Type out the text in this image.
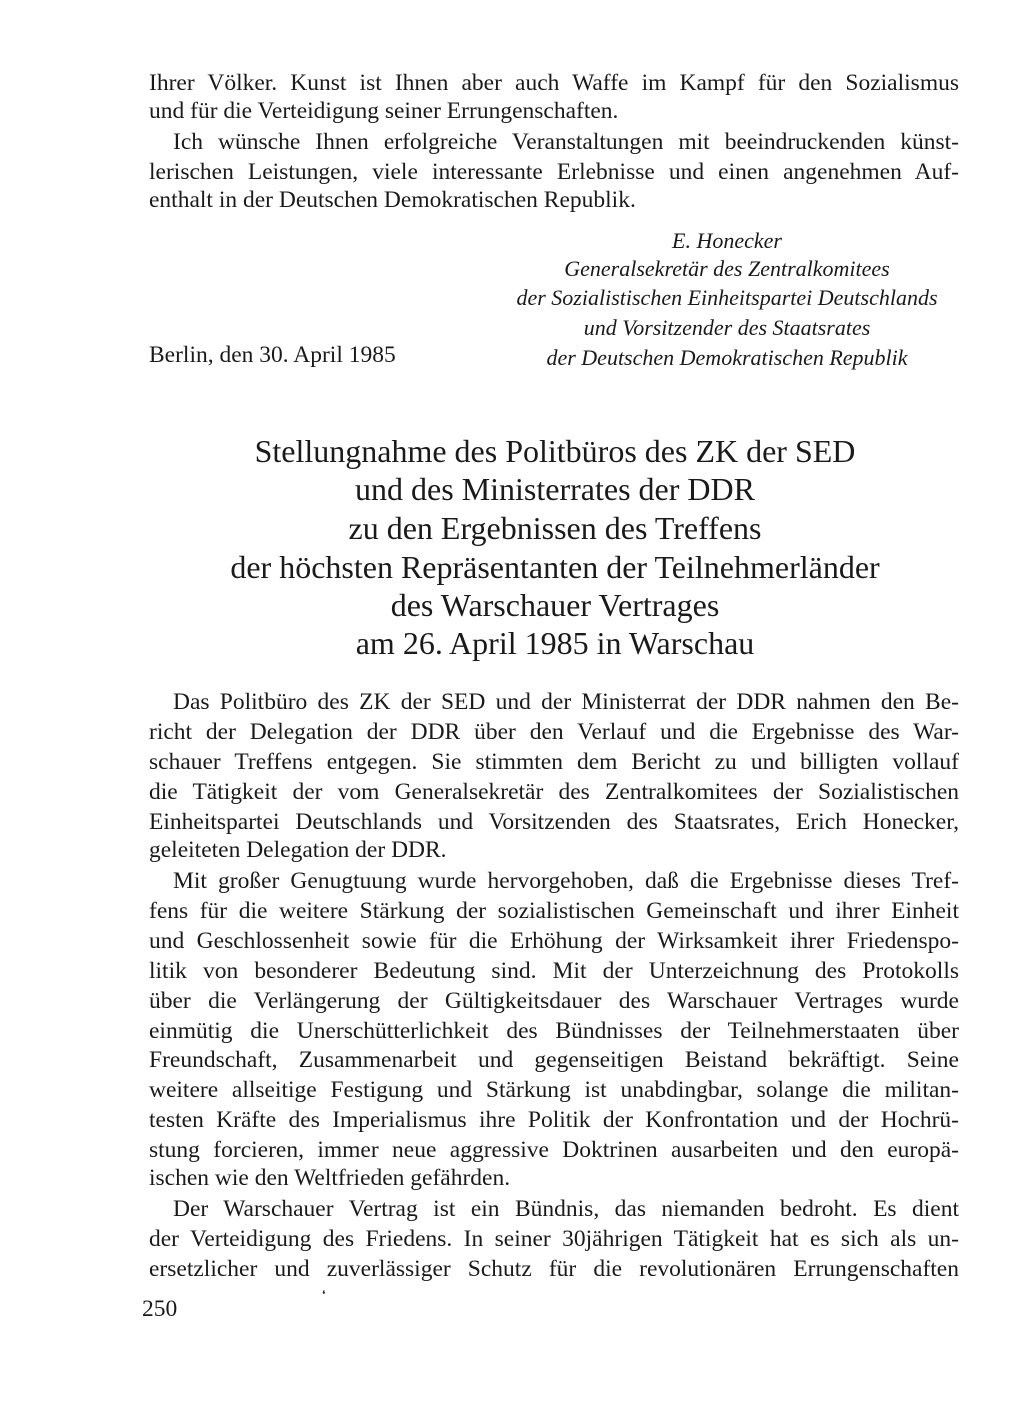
Ihrer Völker. Kunst ist Ihnen aber auch Waffe im Kampf für den Sozialismus
und für die Verteidigung seiner Errungenschaften.
Ich wünsche Ihnen erfolgreiche Veranstaltungen mit beeindruckenden künst-
lerischen Leistungen, viele interessante Erlebnisse und einen angenehmen Auf-
enthalt in der Deutschen Demokratischen Republik.
E. Honecker
Generalsekretär des Zentralkomitees
der Sozialistischen Einheitspartei Deutschlands
und Vorsitzender des Staatsrates
der Deutschen Demokratischen Republik
Berlin, den 30. April 1985
Stellungnahme des Politbüros des ZK der SED
und des Ministerrates der DDR
zu den Ergebnissen des Treffens
der höchsten Repräsentanten der Teilnehmerländer
des Warschauer Vertrages
am 26. April 1985 in Warschau
Das Politbüro des ZK der SED und der Ministerrat der DDR nahmen den Be-
richt der Delegation der DDR über den Verlauf und die Ergebnisse des War-
schauer Treffens entgegen. Sie stimmten dem Bericht zu und billigten vollauf
die Tätigkeit der vom Generalsekretär des Zentralkomitees der Sozialistischen
Einheitspartei Deutschlands und Vorsitzenden des Staatsrates, Erich Honecker,
geleiteten Delegation der DDR.
Mit großer Genugtuung wurde hervorgehoben, daß die Ergebnisse dieses Tref-
fens für die weitere Stärkung der sozialistischen Gemeinschaft und ihrer Einheit
und Geschlossenheit sowie für die Erhöhung der Wirksamkeit ihrer Friedenspo-
litik von besonderer Bedeutung sind. Mit der Unterzeichnung des Protokolls
über die Verlängerung der Gültigkeitsdauer des Warschauer Vertrages wurde
einmütig die Unerschütterlichkeit des Bündnisses der Teilnehmerstaaten über
Freundschaft, Zusammenarbeit und gegenseitigen Beistand bekräftigt. Seine
weitere allseitige Festigung und Stärkung ist unabdingbar, solange die militan-
testen Kräfte des Imperialismus ihre Politik der Konfrontation und der Hochrü-
stung forcieren, immer neue aggressive Doktrinen ausarbeiten und den europä-
ischen wie den Weltfrieden gefährden.
Der Warschauer Vertrag ist ein Bündnis, das niemanden bedroht. Es dient
der Verteidigung des Friedens. In seiner 30jährigen Tätigkeit hat es sich als un-
ersetzlicher und zuverlässiger Schutz für die revolutionären Errungenschaften
❛
250
